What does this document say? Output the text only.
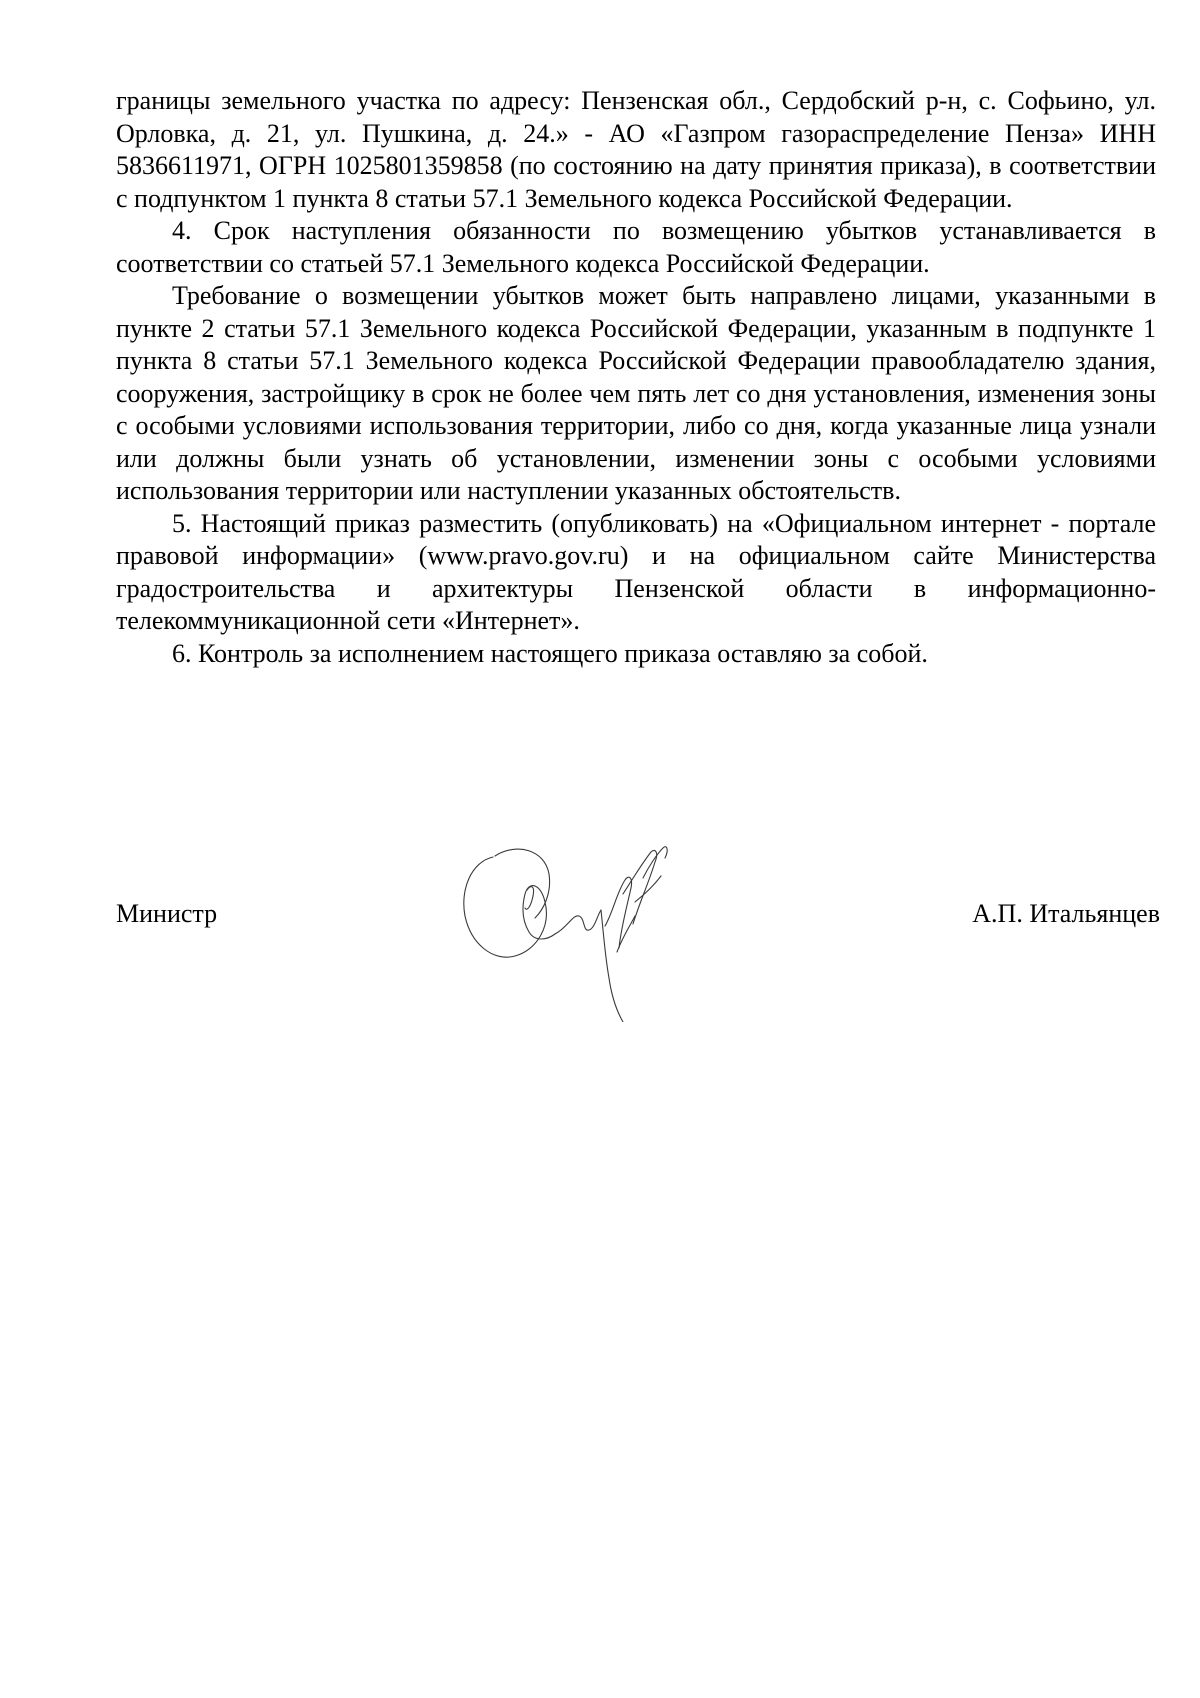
границы земельного участка по адресу: Пензенская обл., Сердобский р-н, с. Софьино, ул. Орловка, д. 21, ул. Пушкина, д. 24.» - АО «Газпром газораспределение Пенза» ИНН 5836611971, ОГРН 1025801359858 (по состоянию на дату принятия приказа), в соответствии с подпунктом 1 пункта 8 статьи 57.1 Земельного кодекса Российской Федерации.

4. Срок наступления обязанности по возмещению убытков устанавливается в соответствии со статьей 57.1 Земельного кодекса Российской Федерации.

Требование о возмещении убытков может быть направлено лицами, указанными в пункте 2 статьи 57.1 Земельного кодекса Российской Федерации, указанным в подпункте 1 пункта 8 статьи 57.1 Земельного кодекса Российской Федерации правообладателю здания, сооружения, застройщику в срок не более чем пять лет со дня установления, изменения зоны с особыми условиями использования территории, либо со дня, когда указанные лица узнали или должны были узнать об установлении, изменении зоны с особыми условиями использования территории или наступлении указанных обстоятельств.

5. Настоящий приказ разместить (опубликовать) на «Официальном интернет - портале правовой информации» (www.pravo.gov.ru) и на официальном сайте Министерства градостроительства и архитектуры Пензенской области в информационно-телекоммуникационной сети «Интернет».

6. Контроль за исполнением настоящего приказа оставляю за собой.

Министр	А.П. Итальянцев
